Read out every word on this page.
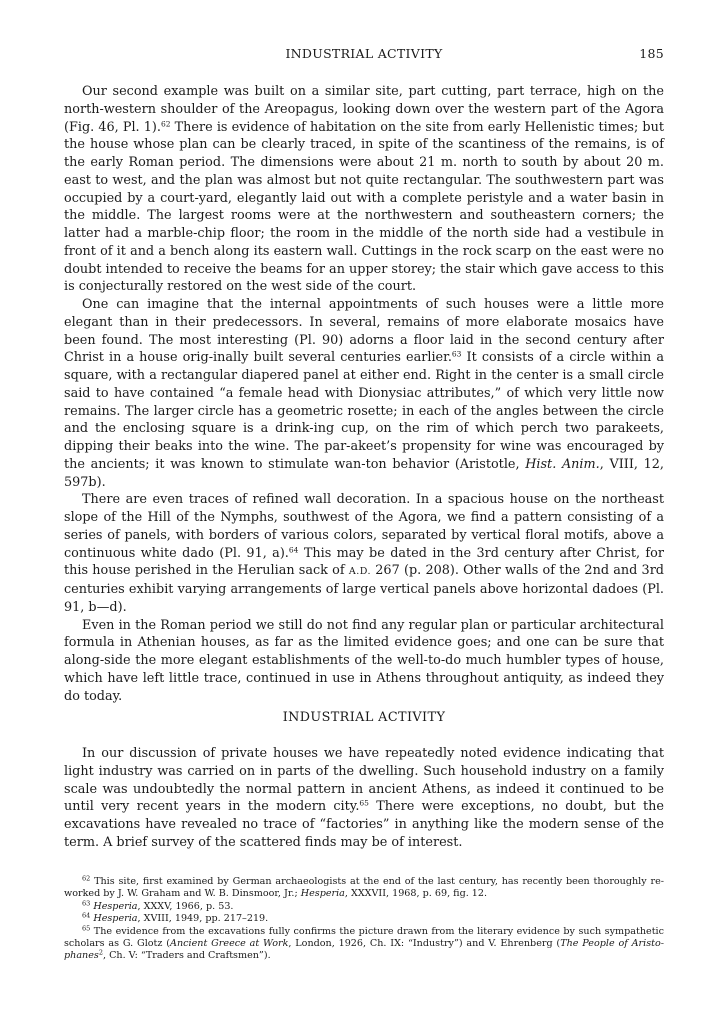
INDUSTRIAL ACTIVITY	185

Our second example was built on a similar site, part cutting, part terrace, high on the north-western shoulder of the Areopagus, looking down over the western part of the Agora (Fig. 46, Pl. 1).$^{62}$ There is evidence of habitation on the site from early Hellenistic times; but the house whose plan can be clearly traced, in spite of the scantiness of the remains, is of the early Roman period. The dimensions were about 21 m. north to south by about 20 m. east to west, and the plan was almost but not quite rectangular. The southwestern part was occupied by a court-yard, elegantly laid out with a complete peristyle and a water basin in the middle. The largest rooms were at the northwestern and southeastern corners; the latter had a marble-chip floor; the room in the middle of the north side had a vestibule in front of it and a bench along its eastern wall. Cuttings in the rock scarp on the east were no doubt intended to receive the beams for an upper storey; the stair which gave access to this is conjecturally restored on the west side of the court.

One can imagine that the internal appointments of such houses were a little more elegant than in their predecessors. In several, remains of more elaborate mosaics have been found. The most interesting (Pl. 90) adorns a floor laid in the second century after Christ in a house orig-inally built several centuries earlier.$^{63}$ It consists of a circle within a square, with a rectangular diapered panel at either end. Right in the center is a small circle said to have contained “a female head with Dionysiac attributes,” of which very little now remains. The larger circle has a geometric rosette; in each of the angles between the circle and the enclosing square is a drink-ing cup, on the rim of which perch two parakeets, dipping their beaks into the wine. The par-akeet’s propensity for wine was encouraged by the ancients; it was known to stimulate wan-ton behavior (Aristotle, Hist. Anim., VIII, 12, 597b).

There are even traces of refined wall decoration. In a spacious house on the northeast slope of the Hill of the Nymphs, southwest of the Agora, we find a pattern consisting of a series of panels, with borders of various colors, separated by vertical floral motifs, above a continuous white dado (Pl. 91, a).$^{64}$ This may be dated in the 3rd century after Christ, for this house perished in the Herulian sack of A.D. 267 (p. 208). Other walls of the 2nd and 3rd centuries exhibit varying arrangements of large vertical panels above horizontal dadoes (Pl. 91, b—d).

Even in the Roman period we still do not find any regular plan or particular architectural formula in Athenian houses, as far as the limited evidence goes; and one can be sure that along-side the more elegant establishments of the well-to-do much humbler types of house, which have left little trace, continued in use in Athens throughout antiquity, as indeed they do today.

INDUSTRIAL ACTIVITY

In our discussion of private houses we have repeatedly noted evidence indicating that light industry was carried on in parts of the dwelling. Such household industry on a family scale was undoubtedly the normal pattern in ancient Athens, as indeed it continued to be until very recent years in the modern city.$^{65}$ There were exceptions, no doubt, but the excavations have revealed no trace of “factories” in anything like the modern sense of the term. A brief survey of the scattered finds may be of interest.

$^{62}$ This site, first examined by German archaeologists at the end of the last century, has recently been thoroughly re-worked by J. W. Graham and W. B. Dinsmoor, Jr.; Hesperia, XXXVII, 1968, p. 69, fig. 12.

$^{63}$ Hesperia, XXXV, 1966, p. 53.

$^{64}$ Hesperia, XVIII, 1949, pp. 217–219.

$^{65}$ The evidence from the excavations fully confirms the picture drawn from the literary evidence by such sympathetic scholars as G. Glotz (Ancient Greece at Work, London, 1926, Ch. IX: “Industry”) and V. Ehrenberg (The People of Aristo-phanes$^2$, Ch. V: “Traders and Craftsmen”).
